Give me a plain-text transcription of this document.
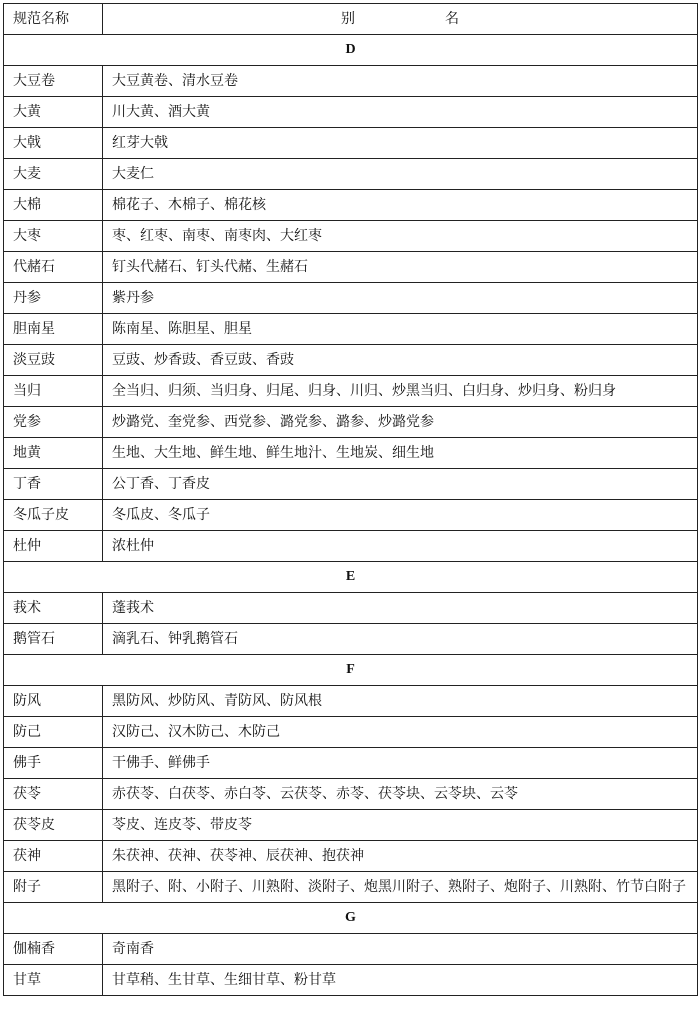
规范名称	别 名
D	
大豆卷	大豆黄卷、清水豆卷
大黄	川大黄、酒大黄
大戟	红芽大戟
大麦	大麦仁
大棉	棉花子、木棉子、棉花核
大枣	枣、红枣、南枣、南枣肉、大红枣
代赭石	钉头代赭石、钉头代赭、生赭石
丹参	紫丹参
胆南星	陈南星、陈胆星、胆星
淡豆豉	豆豉、炒香豉、香豆豉、香豉
当归	全当归、归须、当归身、归尾、归身、川归、炒黑当归、白归身、炒归身、粉归身
党参	炒潞党、奎党参、西党参、潞党参、潞参、炒潞党参
地黄	生地、大生地、鲜生地、鲜生地汁、生地炭、细生地
丁香	公丁香、丁香皮
冬瓜子皮	冬瓜皮、冬瓜子
杜仲	浓杜仲
E	
莪术	蓬莪术
鹅管石	滴乳石、钟乳鹅管石
F	
防风	黑防风、炒防风、青防风、防风根
防己	汉防己、汉木防己、木防己
佛手	干佛手、鲜佛手
茯苓	赤茯苓、白茯苓、赤白苓、云茯苓、赤苓、茯苓块、云苓块、云苓
茯苓皮	苓皮、连皮苓、带皮苓
茯神	朱茯神、茯神、茯苓神、辰茯神、抱茯神
附子	黑附子、附、小附子、川熟附、淡附子、炮黑川附子、熟附子、炮附子、川熟附、竹节白附子
G	
伽楠香	奇南香
甘草	甘草稍、生甘草、生细甘草、粉甘草
